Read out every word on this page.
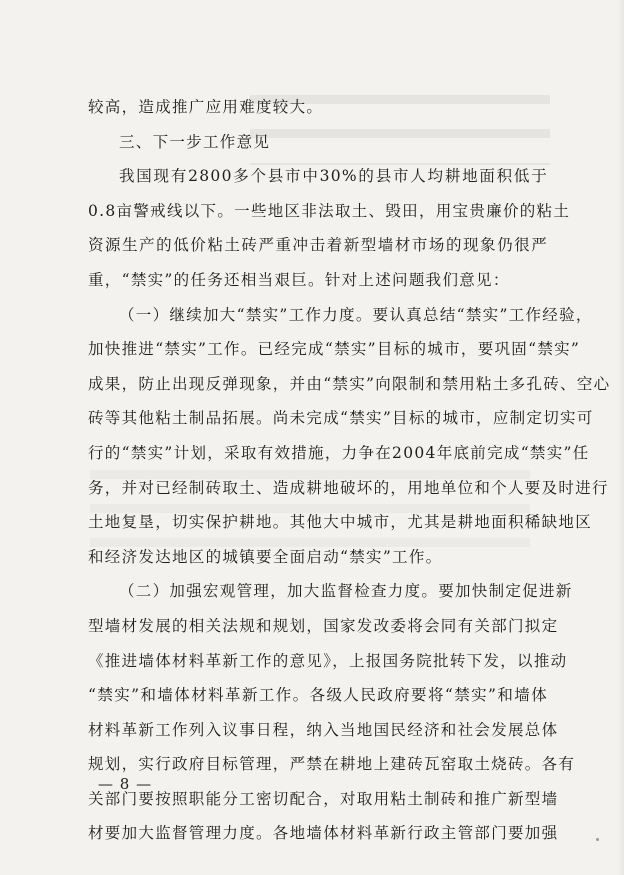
较高，造成推广应用难度较大。
三、下一步工作意见
我国现有2800多个县市中30%的县市人均耕地面积低于
0.8亩警戒线以下。一些地区非法取土、毁田，用宝贵廉价的粘土
资源生产的低价粘土砖严重冲击着新型墙材市场的现象仍很严
重，“禁实”的任务还相当艰巨。针对上述问题我们意见：
（一）继续加大“禁实”工作力度。要认真总结“禁实”工作经验，
加快推进“禁实”工作。已经完成“禁实”目标的城市，要巩固“禁实”
成果，防止出现反弹现象，并由“禁实”向限制和禁用粘土多孔砖、空心
砖等其他粘土制品拓展。尚未完成“禁实”目标的城市，应制定切实可
行的“禁实”计划，采取有效措施，力争在2004年底前完成“禁实”任
务，并对已经制砖取土、造成耕地破坏的，用地单位和个人要及时进行
土地复垦，切实保护耕地。其他大中城市，尤其是耕地面积稀缺地区
和经济发达地区的城镇要全面启动“禁实”工作。
（二）加强宏观管理，加大监督检查力度。要加快制定促进新
型墙材发展的相关法规和规划，国家发改委将会同有关部门拟定
《推进墙体材料革新工作的意见》，上报国务院批转下发，以推动
“禁实”和墙体材料革新工作。各级人民政府要将“禁实”和墙体
材料革新工作列入议事日程，纳入当地国民经济和社会发展总体
规划，实行政府目标管理，严禁在耕地上建砖瓦窑取土烧砖。各有
关部门要按照职能分工密切配合，对取用粘土制砖和推广新型墙
材要加大监督管理力度。各地墙体材料革新行政主管部门要加强
— 8 —
